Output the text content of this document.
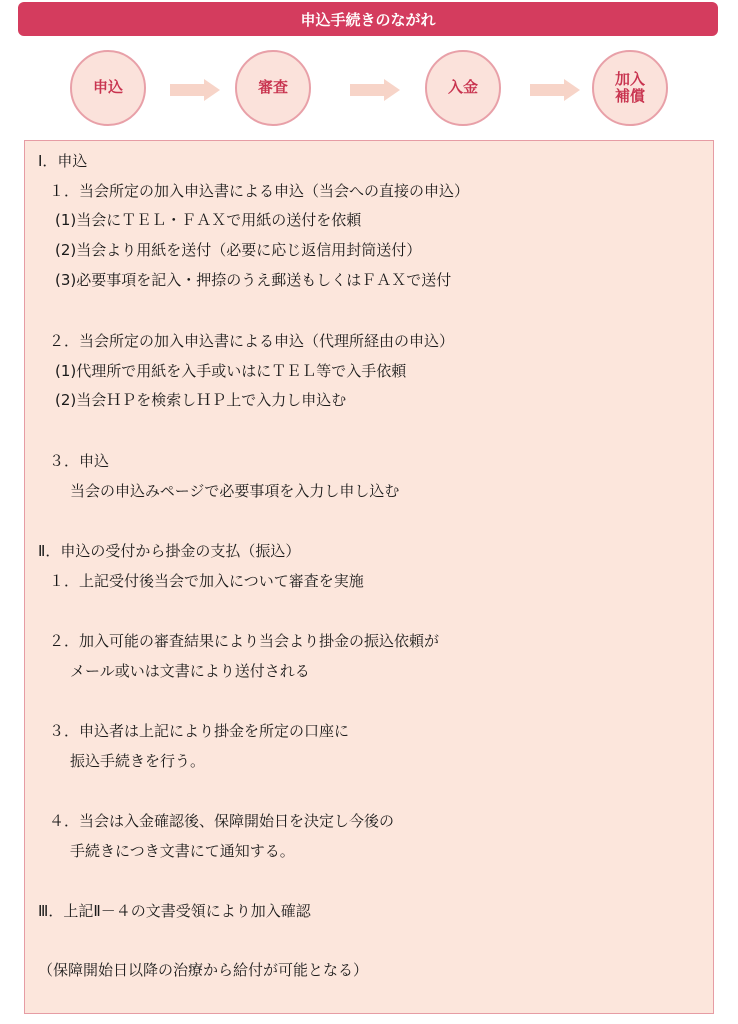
申込手続きのながれ
申込	審査	入金	加入
補償
Ⅰ．申込
１．当会所定の加入申込書による申込（当会への直接の申込）
(1)当会にＴＥＬ・ＦＡＸで用紙の送付を依頼
(2)当会より用紙を送付（必要に応じ返信用封筒送付）
(3)必要事項を記入・押捺のうえ郵送もしくはＦＡＸで送付
２．当会所定の加入申込書による申込（代理所経由の申込）
(1)代理所で用紙を入手或いはにＴＥＬ等で入手依頼
(2)当会ＨＰを検索しＨＰ上で入力し申込む
３．申込
当会の申込みページで必要事項を入力し申し込む
Ⅱ．申込の受付から掛金の支払（振込）
１．上記受付後当会で加入について審査を実施
２．加入可能の審査結果により当会より掛金の振込依頼が
メール或いは文書により送付される
３．申込者は上記により掛金を所定の口座に
振込手続きを行う。
４．当会は入金確認後、保障開始日を決定し今後の
手続きにつき文書にて通知する。
Ⅲ．上記Ⅱ－４の文書受領により加入確認
（保障開始日以降の治療から給付が可能となる）
